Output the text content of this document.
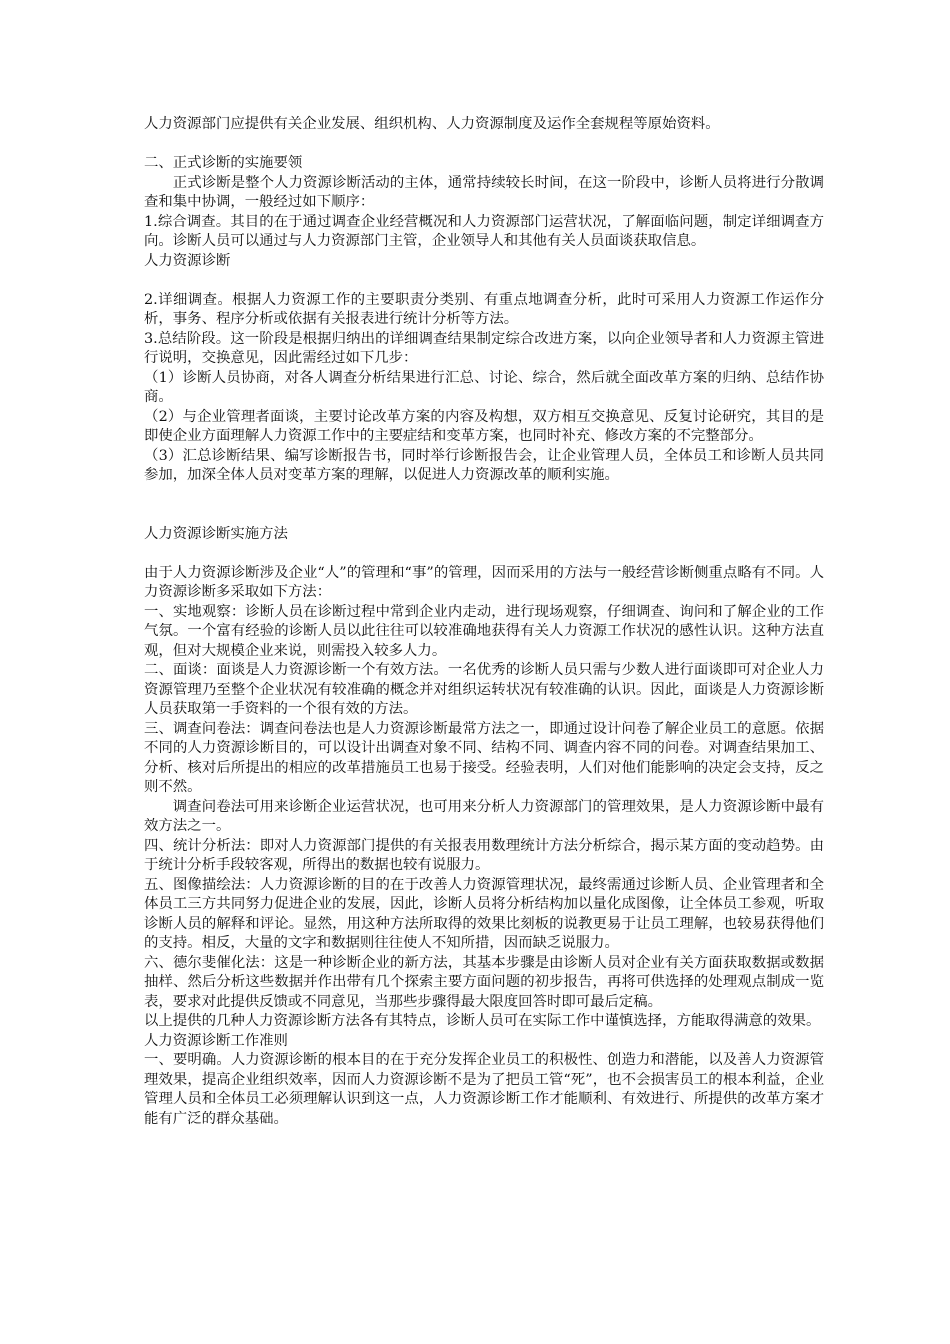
人力资源部门应提供有关企业发展、组织机构、人力资源制度及运作全套规程等原始资料。

二、正式诊断的实施要领

正式诊断是整个人力资源诊断活动的主体，通常持续较长时间，在这一阶段中，诊断人员将进行分散调查和集中协调，一般经过如下顺序：

1.综合调查。其目的在于通过调查企业经营概况和人力资源部门运营状况，了解面临问题，制定详细调查方向。诊断人员可以通过与人力资源部门主管，企业领导人和其他有关人员面谈获取信息。

人力资源诊断

2.详细调查。根据人力资源工作的主要职责分类别、有重点地调查分析，此时可采用人力资源工作运作分析，事务、程序分析或依据有关报表进行统计分析等方法。

3.总结阶段。这一阶段是根据归纳出的详细调查结果制定综合改进方案，以向企业领导者和人力资源主管进行说明，交换意见，因此需经过如下几步：

（1）诊断人员协商，对各人调查分析结果进行汇总、讨论、综合，然后就全面改革方案的归纳、总结作协商。

（2）与企业管理者面谈，主要讨论改革方案的内容及构想，双方相互交换意见、反复讨论研究，其目的是即使企业方面理解人力资源工作中的主要症结和变革方案，也同时补充、修改方案的不完整部分。

（3）汇总诊断结果、编写诊断报告书，同时举行诊断报告会，让企业管理人员，全体员工和诊断人员共同参加，加深全体人员对变革方案的理解，以促进人力资源改革的顺利实施。

人力资源诊断实施方法

由于人力资源诊断涉及企业“人”的管理和“事”的管理，因而采用的方法与一般经营诊断侧重点略有不同。人力资源诊断多采取如下方法：

一、实地观察：诊断人员在诊断过程中常到企业内走动，进行现场观察，仔细调查、询问和了解企业的工作气氛。一个富有经验的诊断人员以此往往可以较准确地获得有关人力资源工作状况的感性认识。这种方法直观，但对大规模企业来说，则需投入较多人力。

二、面谈：面谈是人力资源诊断一个有效方法。一名优秀的诊断人员只需与少数人进行面谈即可对企业人力资源管理乃至整个企业状况有较准确的概念并对组织运转状况有较准确的认识。因此，面谈是人力资源诊断人员获取第一手资料的一个很有效的方法。

三、调查问卷法：调查问卷法也是人力资源诊断最常方法之一，即通过设计问卷了解企业员工的意愿。依据不同的人力资源诊断目的，可以设计出调查对象不同、结构不同、调查内容不同的问卷。对调查结果加工、分析、核对后所提出的相应的改革措施员工也易于接受。经验表明，人们对他们能影响的决定会支持，反之则不然。

调查问卷法可用来诊断企业运营状况，也可用来分析人力资源部门的管理效果，是人力资源诊断中最有效方法之一。

四、统计分析法：即对人力资源部门提供的有关报表用数理统计方法分析综合，揭示某方面的变动趋势。由于统计分析手段较客观，所得出的数据也较有说服力。

五、图像描绘法：人力资源诊断的目的在于改善人力资源管理状况，最终需通过诊断人员、企业管理者和全体员工三方共同努力促进企业的发展，因此，诊断人员将分析结构加以量化成图像，让全体员工参观，听取诊断人员的解释和评论。显然，用这种方法所取得的效果比刻板的说教更易于让员工理解，也较易获得他们的支持。相反，大量的文字和数据则往往使人不知所措，因而缺乏说服力。

六、德尔斐催化法：这是一种诊断企业的新方法，其基本步骤是由诊断人员对企业有关方面获取数据或数据抽样、然后分析这些数据并作出带有几个探索主要方面问题的初步报告，再将可供选择的处理观点制成一览表，要求对此提供反馈或不同意见，当那些步骤得最大限度回答时即可最后定稿。

以上提供的几种人力资源诊断方法各有其特点，诊断人员可在实际工作中谨慎选择，方能取得满意的效果。

人力资源诊断工作准则

一、要明确。人力资源诊断的根本目的在于充分发挥企业员工的积极性、创造力和潜能，以及善人力资源管理效果，提高企业组织效率，因而人力资源诊断不是为了把员工管“死”，也不会损害员工的根本利益，企业管理人员和全体员工必须理解认识到这一点，人力资源诊断工作才能顺利、有效进行、所提供的改革方案才能有广泛的群众基础。
